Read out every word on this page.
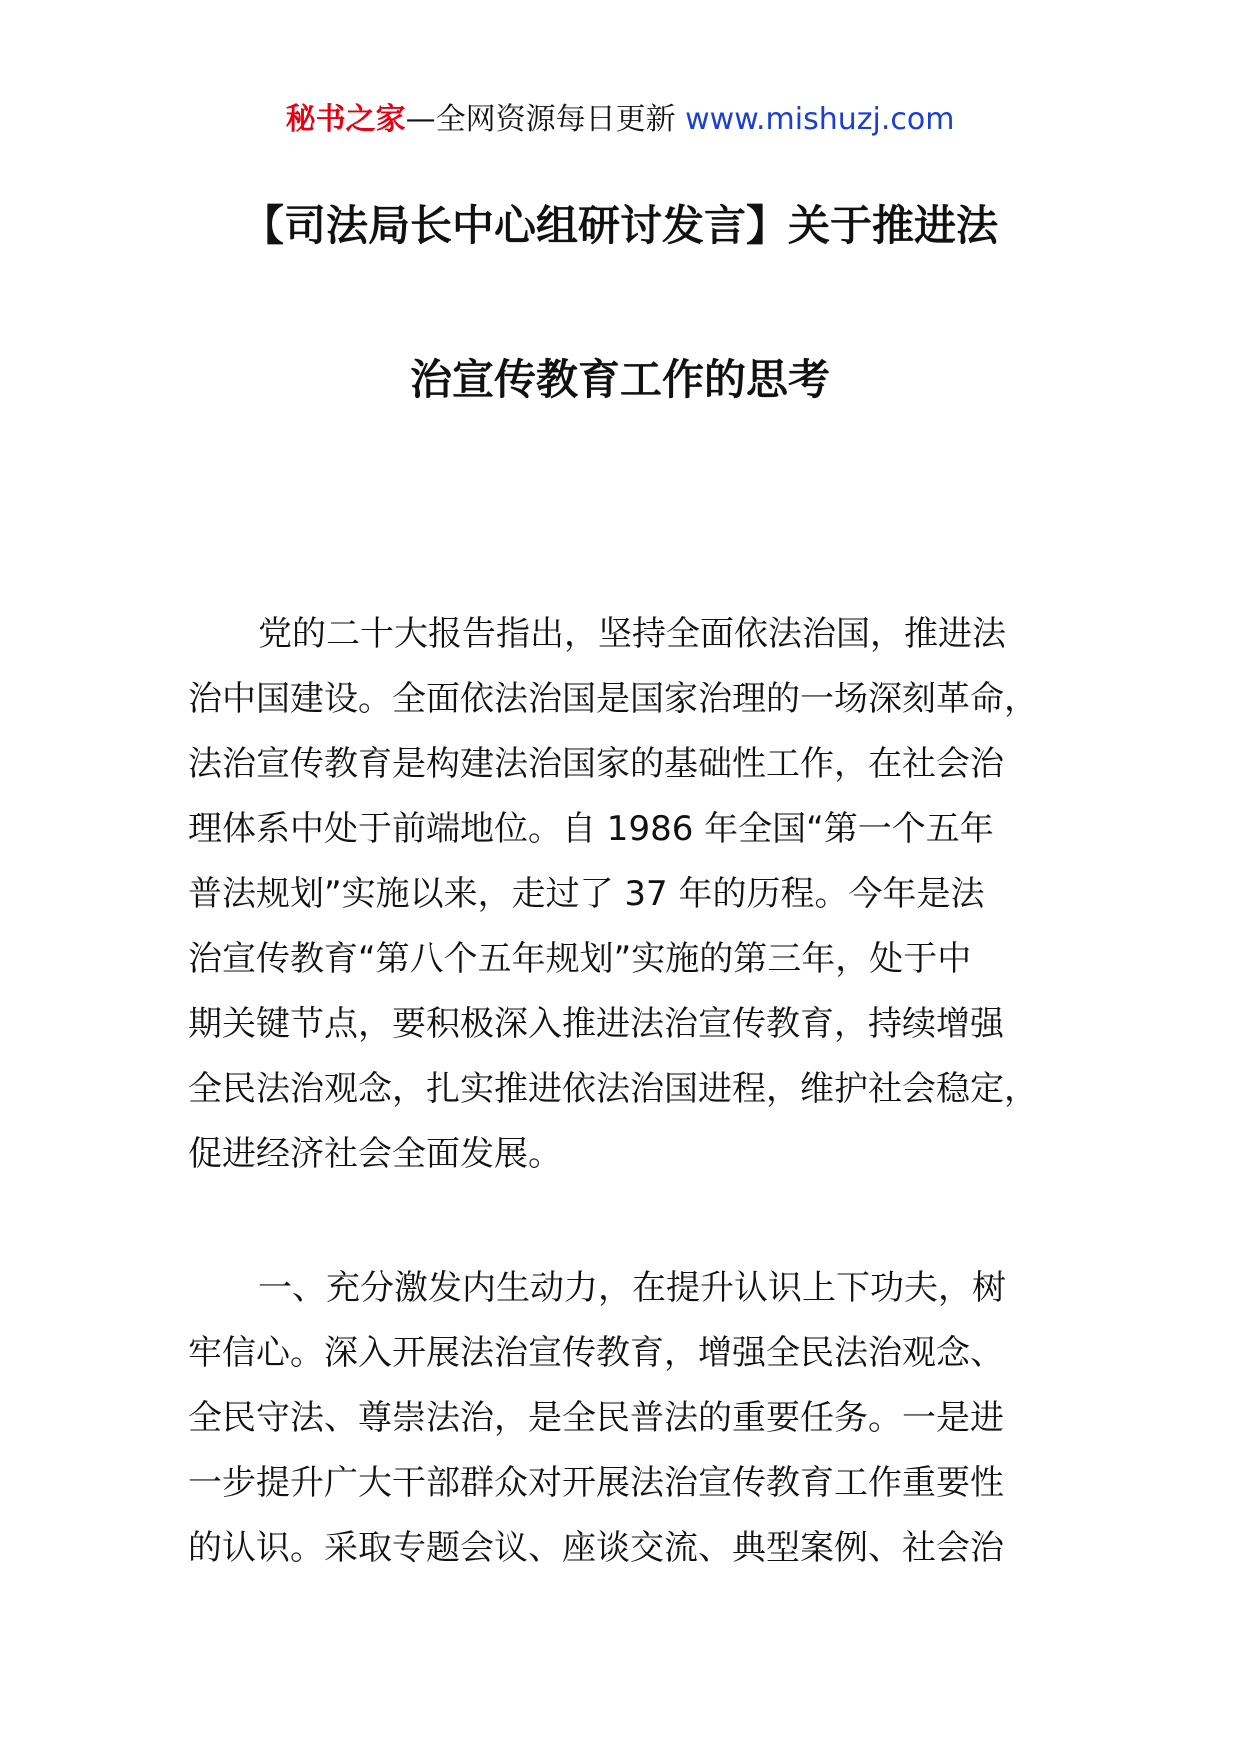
秘书之家—全网资源每日更新 www.mishuzj.com
【司法局长中心组研讨发言】关于推进法
治宣传教育工作的思考
党的二十大报告指出，坚持全面依法治国，推进法
治中国建设。全面依法治国是国家治理的一场深刻革命，
法治宣传教育是构建法治国家的基础性工作，在社会治
理体系中处于前端地位。自 1986 年全国“第一个五年
普法规划”实施以来，走过了 37 年的历程。今年是法
治宣传教育“第八个五年规划”实施的第三年，处于中
期关键节点，要积极深入推进法治宣传教育，持续增强
全民法治观念，扎实推进依法治国进程，维护社会稳定，
促进经济社会全面发展。
一、充分激发内生动力，在提升认识上下功夫，树
牢信心。深入开展法治宣传教育，增强全民法治观念、
全民守法、尊崇法治，是全民普法的重要任务。一是进
一步提升广大干部群众对开展法治宣传教育工作重要性
的认识。采取专题会议、座谈交流、典型案例、社会治
